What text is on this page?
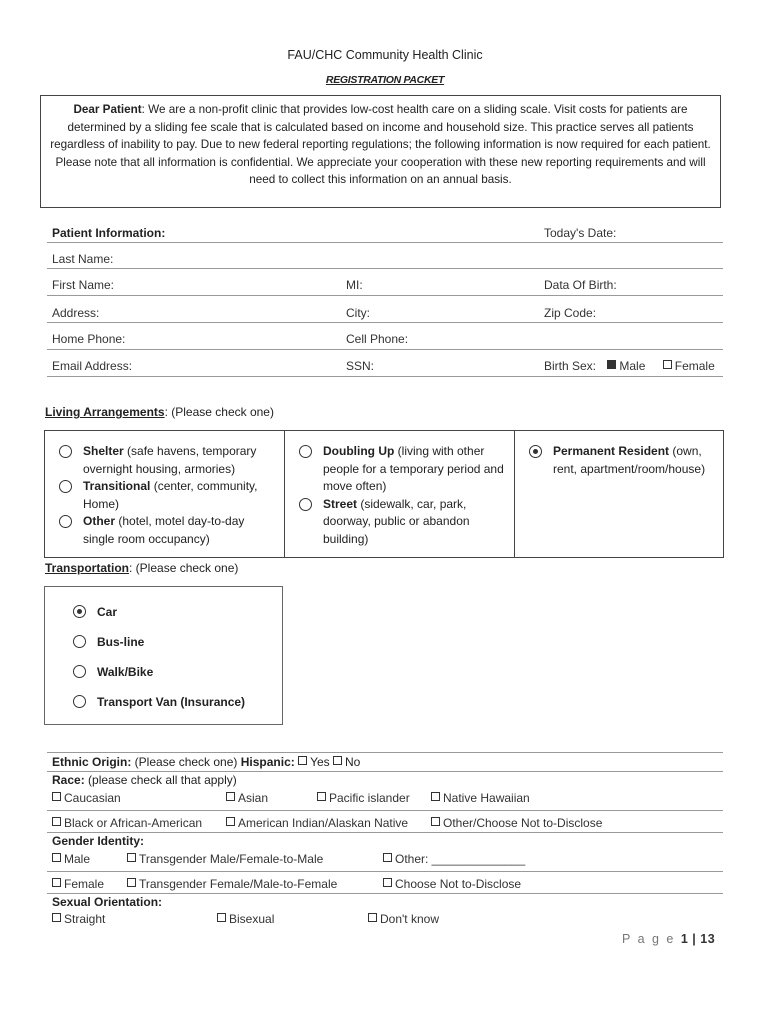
FAU/CHC Community Health Clinic
REGISTRATION PACKET

Dear Patient: We are a non-profit clinic that provides low-cost health care on a sliding scale. Visit costs for patients are determined by a sliding fee scale that is calculated based on income and household size. This practice serves all patients regardless of inability to pay. Due to new federal reporting regulations; the following information is now required for each patient. Please note that all information is confidential. We appreciate your cooperation with these new reporting requirements and will need to collect this information on an annual basis.

Patient Information:	Today's Date:
Last Name:
First Name:	MI:	Data Of Birth:
Address:	City:	Zip Code:
Home Phone:	Cell Phone:
Email Address:	SSN:	Birth Sex: Male Female
Living Arrangements: (Please check one)
Shelter (safe havens, temporary overnight housing, armories)
Transitional (center, community, Home)
Other (hotel, motel day-to-day single room occupancy)
Doubling Up (living with other people for a temporary period and move often)
Street (sidewalk, car, park, doorway, public or abandon building)
Permanent Resident (own, rent, apartment/room/house)
Transportation: (Please check one)
Car
Bus-line
Walk/Bike
Transport Van (Insurance)
Ethnic Origin: (Please check one) Hispanic: Yes No
Race: (please check all that apply)
Caucasian	Asian	Pacific islander	Native Hawaiian
Black or African-American	American Indian/Alaskan Native	Other/Choose Not to-Disclose
Gender Identity:
Male	Transgender Male/Female-to-Male	Other: ______________
Female	Transgender Female/Male-to-Female	Choose Not to-Disclose
Sexual Orientation:
Straight	Bisexual	Don't know
P a g e 1 | 13
